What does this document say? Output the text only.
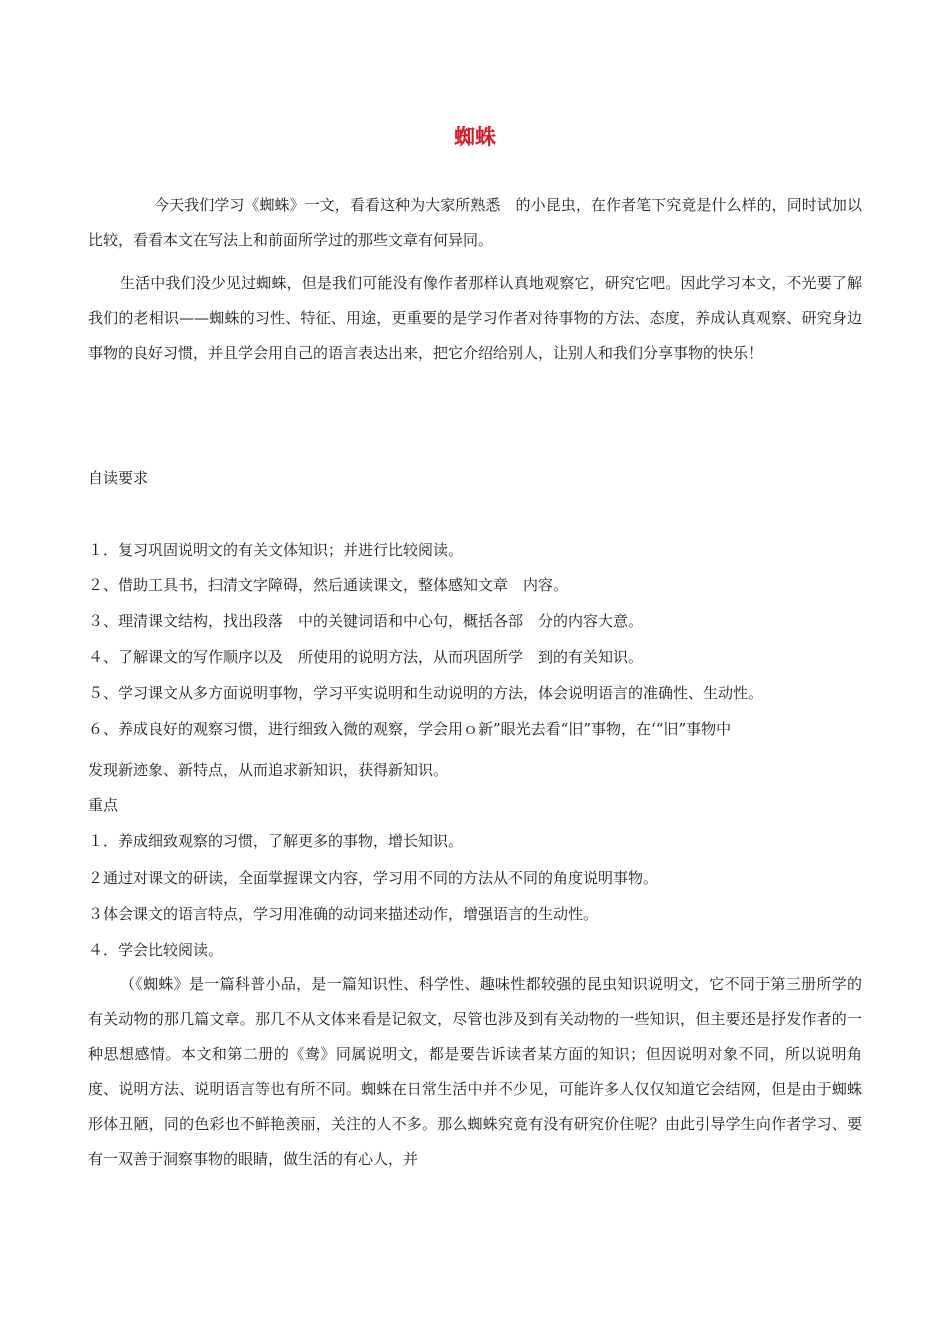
蜘蛛

今天我们学习《蜘蛛》一文，看看这种为大家所熟悉　的小昆虫，在作者笔下究竟是什么样的，同时试加以　比较，看看本文在写法上和前面所学过的那些文章有何异同。

生活中我们没少见过蜘蛛，但是我们可能没有像作者那样认真地观察它，研究它吧。因此学习本文，不光要了解我们的老相识——蜘蛛的习性、特征、用途，更重要的是学习作者对待事物的方法、态度，养成认真观察、研究身边事物的良好习惯，并且学会用自己的语言表达出来，把它介绍给别人，让别人和我们分享事物的快乐！

自读要求

１．复习巩固说明文的有关文体知识；并进行比较阅读。

２、借助工具书，扫清文字障碍，然后通读课文，整体感知文章　内容。

３、理清课文结构，找出段落　中的关键词语和中心句，概括各部　分的内容大意。

４、了解课文的写作顺序以及　所使用的说明方法，从而巩固所学　到的有关知识。

５、学习课文从多方面说明事物，学习平实说明和生动说明的方法，体会说明语言的准确性、生动性。

６、养成良好的观察习惯，进行细致入微的观察，学会用ｏ新”眼光去看“旧”事物，在‘“旧”事物中

发现新迹象、新特点，从而追求新知识，获得新知识。

重点

１．养成细致观察的习惯，了解更多的事物，增长知识。

２通过对课文的研读，全面掌握课文内容，学习用不同的方法从不同的角度说明事物。

３体会课文的语言特点，学习用准确的动词来描述动作，增强语言的生动性。

４．学会比较阅读。

（《蜘蛛》是一篇科普小品，是一篇知识性、科学性、趣味性都较强的昆虫知识说明文，它不同于第三册所学的有关动物的那几篇文章。那几不从文体来看是记叙文，尽管也涉及到有关动物的一些知识，但主要还是抒发作者的一种思想感情。本文和第二册的《鸯》同属说明文，都是要告诉读者某方面的知识；但因说明对象不同，所以说明角度、说明方法、说明语言等也有所不同。蜘蛛在日常生活中并不少见，可能许多人仅仅知道它会结网，但是由于蜘蛛形体丑陋，同的色彩也不鲜艳羡丽，关注的人不多。那么蜘蛛究竟有没有研究价住呢？由此引导学生向作者学习、要有一双善于洞察事物的眼睛，做生活的有心人，并
